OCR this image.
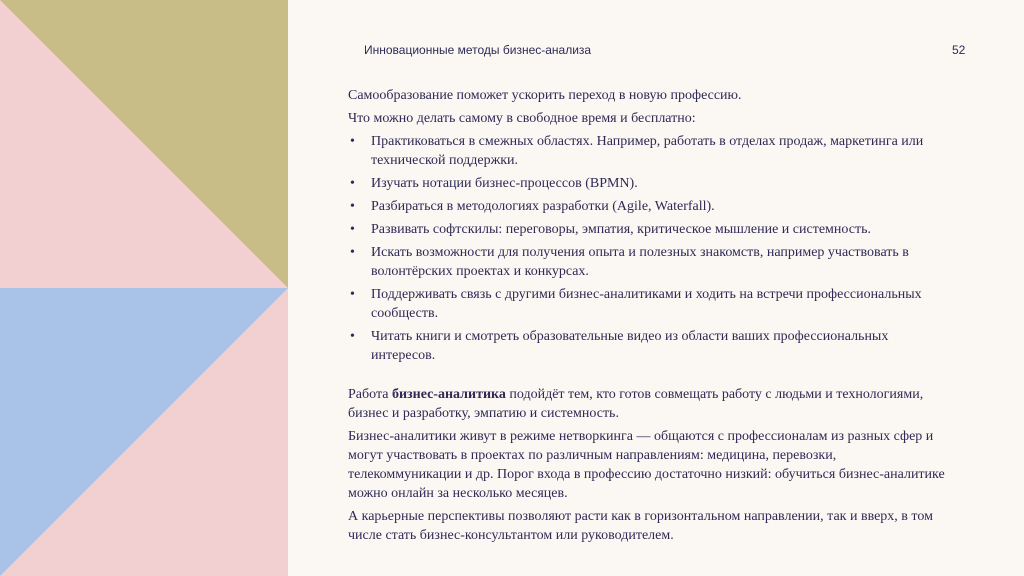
Инновационные методы бизнес-анализа	52

Самообразование поможет ускорить переход в новую профессию.

Что можно делать самому в свободное время и бесплатно:

• Практиковаться в смежных областях. Например, работать в отделах продаж, маркетинга или технической поддержки.
• Изучать нотации бизнес-процессов (BPMN).
• Разбираться в методологиях разработки (Agile, Waterfall).
• Развивать софтскилы: переговоры, эмпатия, критическое мышление и системность.
• Искать возможности для получения опыта и полезных знакомств, например участвовать в волонтёрских проектах и конкурсах.
• Поддерживать связь с другими бизнес-аналитиками и ходить на встречи профессиональных сообществ.
• Читать книги и смотреть образовательные видео из области ваших профессиональных интересов.

Работа бизнес-аналитика подойдёт тем, кто готов совмещать работу с людьми и технологиями, бизнес и разработку, эмпатию и системность.

Бизнес-аналитики живут в режиме нетворкинга — общаются с профессионалам из разных сфер и могут участвовать в проектах по различным направлениям: медицина, перевозки, телекоммуникации и др. Порог входа в профессию достаточно низкий: обучиться бизнес-аналитике можно онлайн за несколько месяцев.

А карьерные перспективы позволяют расти как в горизонтальном направлении, так и вверх, в том числе стать бизнес-консультантом или руководителем.
